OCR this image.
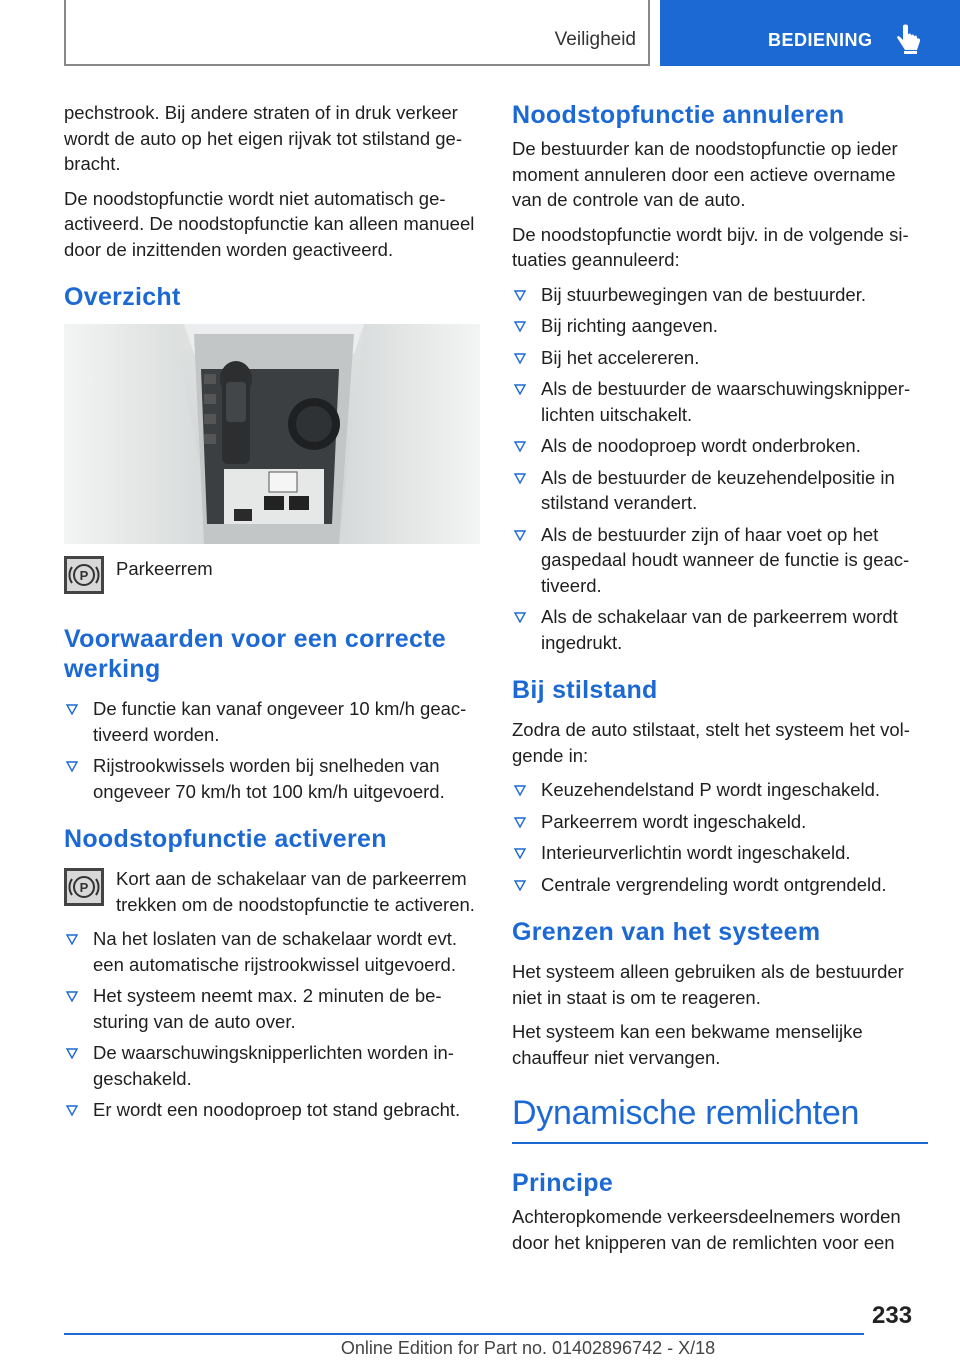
Veiligheid	BEDIENING

pechstrook. Bij andere straten of in druk verkeer wordt de auto op het eigen rijvak tot stilstand gebracht.

De noodstopfunctie wordt niet automatisch geactiveerd. De noodstopfunctie kan alleen manueel door de inzittenden worden geactiveerd.

Overzicht
P	Parkeerrem
Voorwaarden voor een correcte werking
De functie kan vanaf ongeveer 10 km/h geactiveerd worden.
Rijstrookwissels worden bij snelheden van ongeveer 70 km/h tot 100 km/h uitgevoerd.
Noodstopfunctie activeren

P Kort aan de schakelaar van de parkeerrem trekken om de noodstopfunctie te activeren.

Na het loslaten van de schakelaar wordt evt. een automatische rijstrookwissel uitgevoerd.
Het systeem neemt max. 2 minuten de besturing van de auto over.
De waarschuwingsknipperlichten worden ingeschakeld.
Er wordt een noodoproep tot stand gebracht.
Noodstopfunctie annuleren

De bestuurder kan de noodstopfunctie op ieder moment annuleren door een actieve overname van de controle van de auto.

De noodstopfunctie wordt bijv. in de volgende situaties geannuleerd:

Bij stuurbewegingen van de bestuurder.
Bij richting aangeven.
Bij het accelereren.
Als de bestuurder de waarschuwingsknipperlichten uitschakelt.
Als de noodoproep wordt onderbroken.
Als de bestuurder de keuzehendelpositie in stilstand verandert.
Als de bestuurder zijn of haar voet op het gaspedaal houdt wanneer de functie is geactiveerd.
Als de schakelaar van de parkeerrem wordt ingedrukt.
Bij stilstand

Zodra de auto stilstaat, stelt het systeem het volgende in:

Keuzehendelstand P wordt ingeschakeld.
Parkeerrem wordt ingeschakeld.
Interieurverlichtin wordt ingeschakeld.
Centrale vergrendeling wordt ontgrendeld.
Grenzen van het systeem

Het systeem alleen gebruiken als de bestuurder niet in staat is om te reageren.

Het systeem kan een bekwame menselijke chauffeur niet vervangen.

Dynamische remlichten
Principe

Achteropkomende verkeersdeelnemers worden door het knipperen van de remlichten voor een

233
Online Edition for Part no. 01402896742 - X/18
